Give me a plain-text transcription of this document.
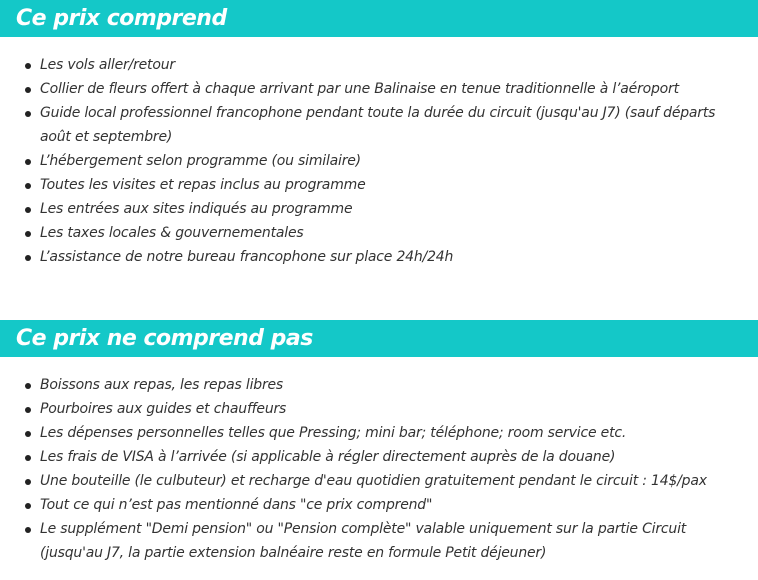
Ce prix comprend
Les vols aller/retour
Collier de fleurs offert à chaque arrivant par une Balinaise en tenue traditionnelle à l’aéroport
Guide local professionnel francophone pendant toute la durée du circuit (jusqu'au J7) (sauf départs août et septembre)
L’hébergement selon programme (ou similaire)
Toutes les visites et repas inclus au programme
Les entrées aux sites indiqués au programme
Les taxes locales & gouvernementales
L’assistance de notre bureau francophone sur place 24h/24h
Ce prix ne comprend pas
Boissons aux repas, les repas libres
Pourboires aux guides et chauffeurs
Les dépenses personnelles telles que Pressing; mini bar; téléphone; room service etc.
Les frais de VISA à l’arrivée (si applicable à régler directement auprès de la douane)
Une bouteille (le culbuteur) et recharge d'eau quotidien gratuitement pendant le circuit : 14$/pax
Tout ce qui n’est pas mentionné dans "ce prix comprend"
Le supplément "Demi pension" ou "Pension complète" valable uniquement sur la partie Circuit (jusqu'au J7, la partie extension balnéaire reste en formule Petit déjeuner)
